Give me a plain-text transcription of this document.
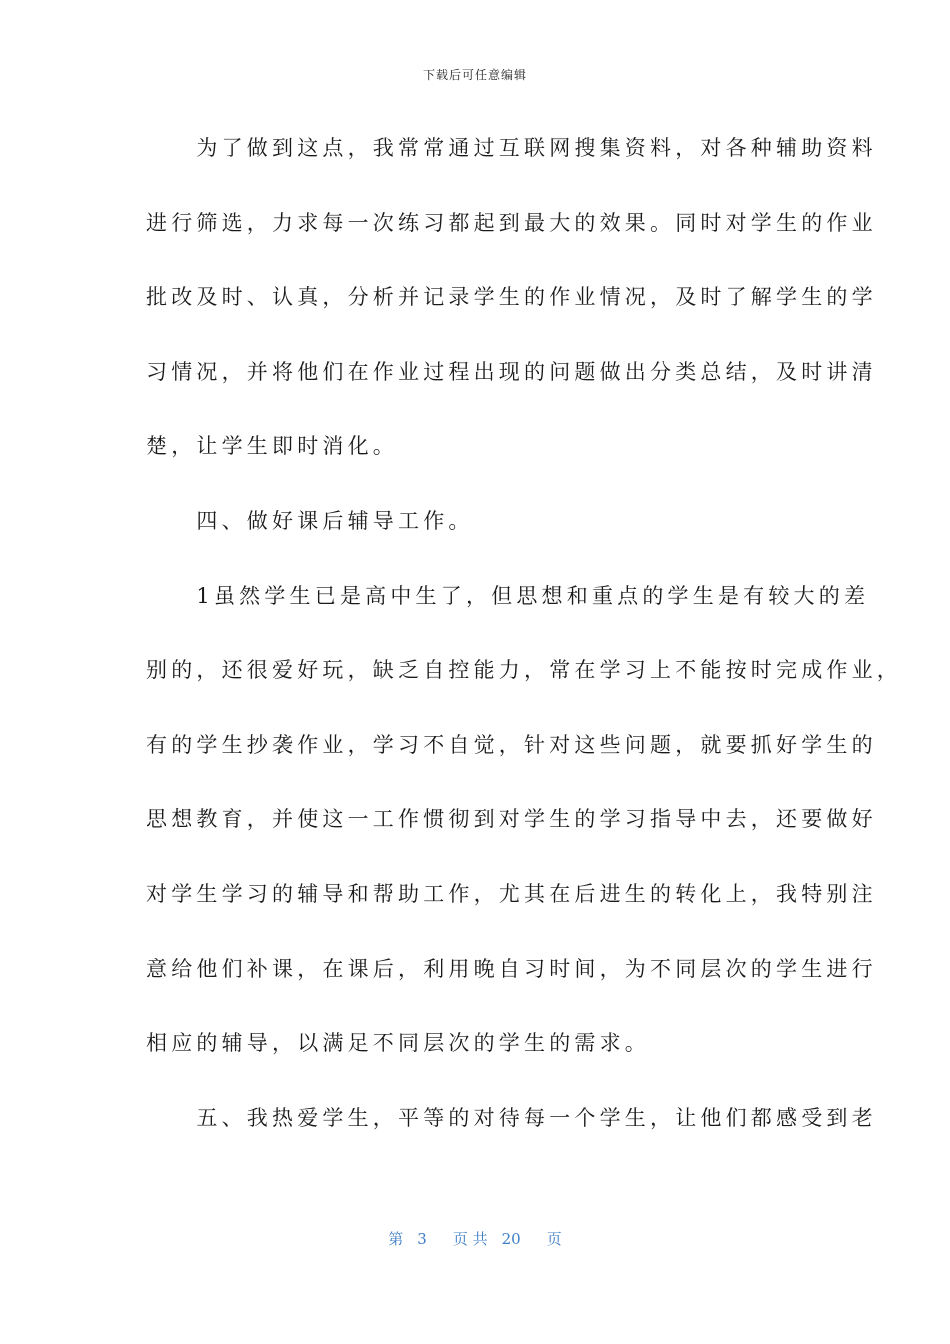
下载后可任意编辑
　　为了做到这点，我常常通过互联网搜集资料，对各种辅助资料
进行筛选，力求每一次练习都起到最大的效果。同时对学生的作业
批改及时、认真，分析并记录学生的作业情况，及时了解学生的学
习情况，并将他们在作业过程出现的问题做出分类总结，及时讲清
楚，让学生即时消化。
　　四、做好课后辅导工作。
　　1虽然学生已是高中生了，但思想和重点的学生是有较大的差
别的，还很爱好玩，缺乏自控能力，常在学习上不能按时完成作业，
有的学生抄袭作业，学习不自觉，针对这些问题，就要抓好学生的
思想教育，并使这一工作惯彻到对学生的学习指导中去，还要做好
对学生学习的辅导和帮助工作，尤其在后进生的转化上，我特别注
意给他们补课，在课后，利用晚自习时间，为不同层次的学生进行
相应的辅导，以满足不同层次的学生的需求。
　　五、我热爱学生，平等的对待每一个学生，让他们都感受到老
第 3 页 共 20 页
